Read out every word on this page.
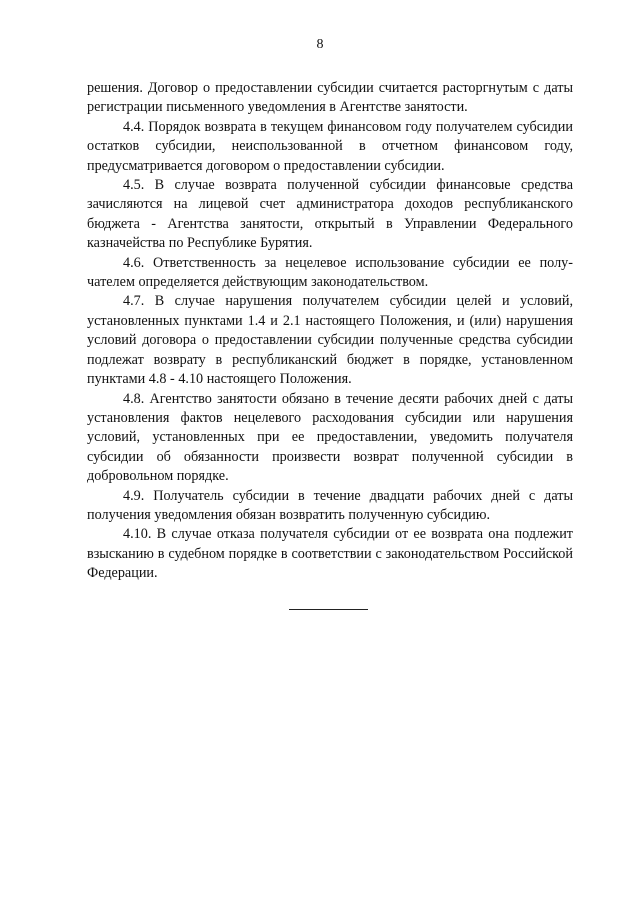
8

решения. Договор о предоставлении субсидии считается расторгнутым с даты регистрации письменного уведомления в Агентстве занятости.

4.4. Порядок возврата в текущем финансовом году получателем субсидии остатков субсидии, неиспользованной в отчетном финансовом году, предусматривается договором о предоставлении субсидии.

4.5. В случае возврата полученной субсидии финансовые средства зачисляются на лицевой счет администратора доходов республиканского бюджета - Агентства занятости, открытый в Управлении Федерального казначейства по Республике Бурятия.

4.6. Ответственность за нецелевое использование субсидии ее получателем определяется действующим законодательством.

4.7. В случае нарушения получателем субсидии целей и условий, установленных пунктами 1.4 и 2.1 настоящего Положения, и (или) нарушения условий договора о предоставлении субсидии полученные средства субсидии подлежат возврату в республиканский бюджет в порядке, установленном пунктами 4.8 - 4.10 настоящего Положения.

4.8. Агентство занятости обязано в течение десяти рабочих дней с даты установления фактов нецелевого расходования субсидии или нарушения условий, установленных при ее предоставлении, уведомить получателя субсидии об обязанности произвести возврат полученной субсидии в добровольном порядке.

4.9. Получатель субсидии в течение двадцати рабочих дней с даты получения уведомления обязан возвратить полученную субсидию.

4.10. В случае отказа получателя субсидии от ее возврата она подлежит взысканию в судебном порядке в соответствии с законодательством Российской Федерации.
